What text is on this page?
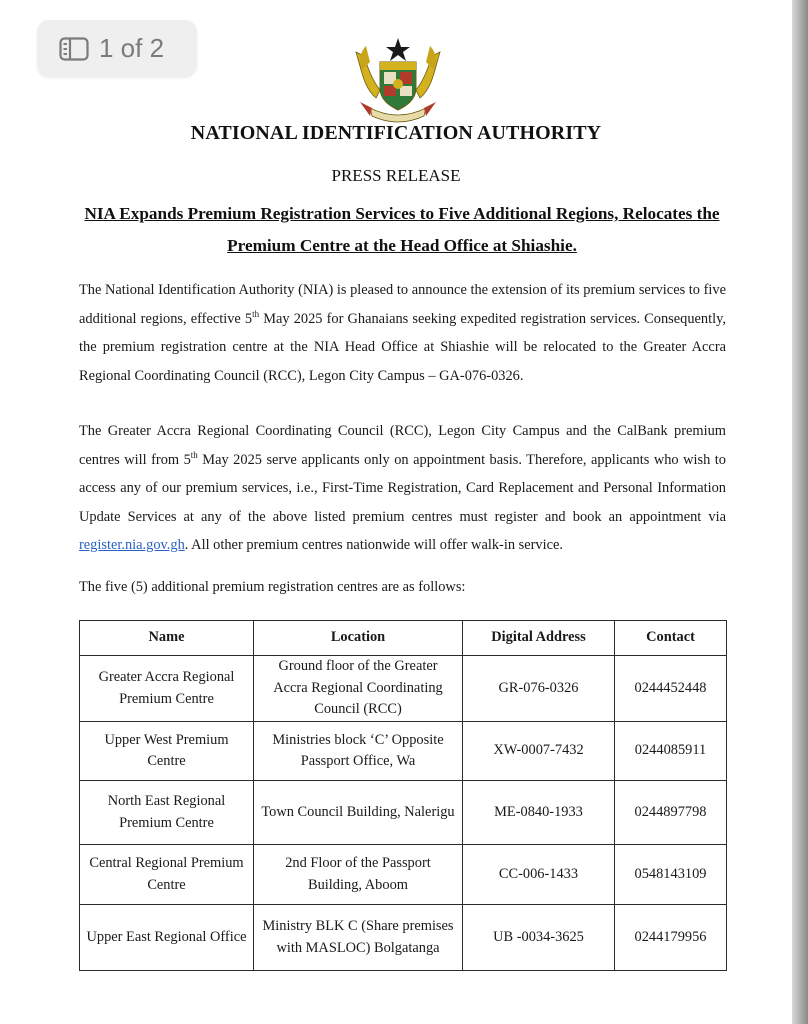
NATIONAL IDENTIFICATION AUTHORITY
PRESS RELEASE
NIA Expands Premium Registration Services to Five Additional Regions, Relocates the Premium Centre at the Head Office at Shiashie.

The National Identification Authority (NIA) is pleased to announce the extension of its premium services to five additional regions, effective 5th May 2025 for Ghanaians seeking expedited registration services. Consequently, the premium registration centre at the NIA Head Office at Shiashie will be relocated to the Greater Accra Regional Coordinating Council (RCC), Legon City Campus – GA-076-0326.

The Greater Accra Regional Coordinating Council (RCC), Legon City Campus and the CalBank premium centres will from 5th May 2025 serve applicants only on appointment basis. Therefore, applicants who wish to access any of our premium services, i.e., First-Time Registration, Card Replacement and Personal Information Update Services at any of the above listed premium centres must register and book an appointment via register.nia.gov.gh. All other premium centres nationwide will offer walk-in service.

The five (5) additional premium registration centres are as follows:

Name	Location	Digital Address	Contact
Greater Accra Regional Premium Centre	Ground floor of the Greater Accra Regional Coordinating Council (RCC)	GR-076-0326	0244452448
Upper West Premium Centre	Ministries block ‘C’ Opposite Passport Office, Wa	XW-0007-7432	0244085911
North East Regional Premium Centre	Town Council Building, Nalerigu	ME-0840-1933	0244897798
Central Regional Premium Centre	2nd Floor of the Passport Building, Aboom	CC-006-1433	0548143109
Upper East Regional Office	Ministry BLK C (Share premises with MASLOC) Bolgatanga	UB -0034-3625	0244179956
1 of 2
